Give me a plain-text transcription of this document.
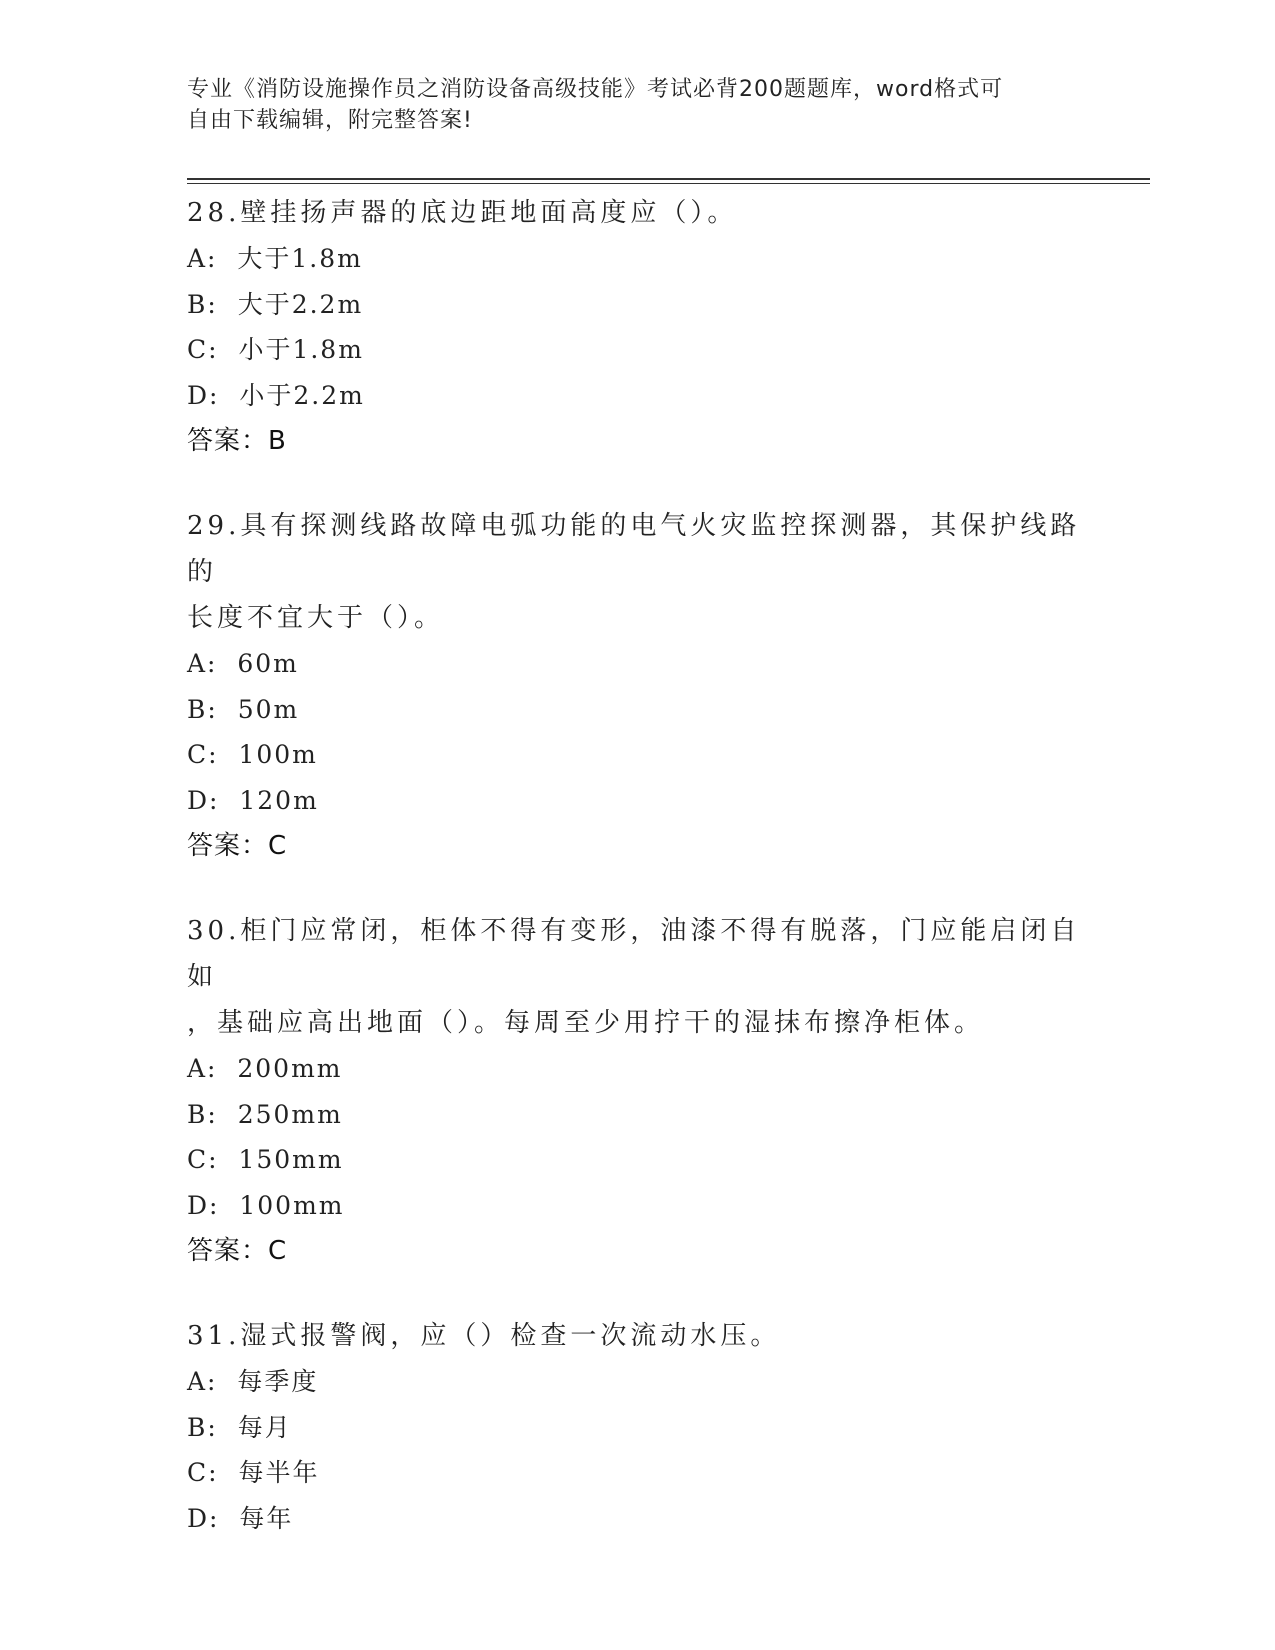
专业《消防设施操作员之消防设备高级技能》考试必背200题题库，word格式可
自由下载编辑，附完整答案!
28.壁挂扬声器的底边距地面高度应（）。
A:  大于1.8m
B:  大于2.2m
C:  小于1.8m
D:  小于2.2m
答案：B
29.具有探测线路故障电弧功能的电气火灾监控探测器，其保护线路的
长度不宜大于（）。
A:  60m
B:  50m
C:  100m
D:  120m
答案：C
30.柜门应常闭，柜体不得有变形，油漆不得有脱落，门应能启闭自如
，基础应高出地面（）。每周至少用拧干的湿抹布擦净柜体。
A:  200mm
B:  250mm
C:  150mm
D:  100mm
答案：C
31.湿式报警阀，应（）检查一次流动水压。
A:  每季度
B:  每月
C:  每半年
D:  每年
